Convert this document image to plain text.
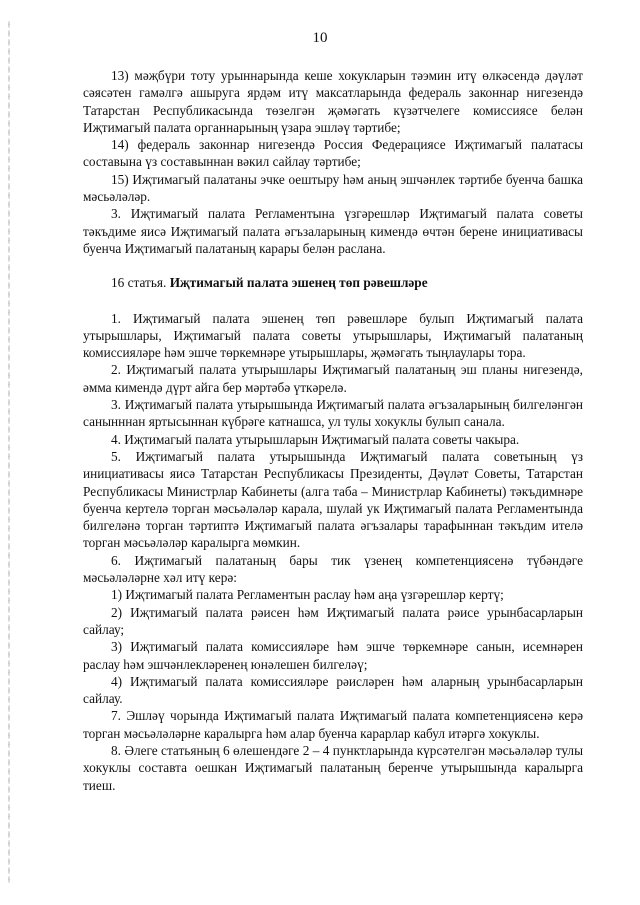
10

13) мәҗбүри тоту урыннарында кеше хокукларын тәэмин итү өлкәсендә дәүләт сәясәтен гамәлгә ашыруга ярдәм итү максатларында федераль законнар нигезендә Татарстан Республикасында төзелгән җәмәгать күзәтчелеге комиссиясе белән Иҗтимагый палата органнарының үзара эшләү тәртибе;

14) федераль законнар нигезендә Россия Федерациясе Иҗтимагый палатасы составына үз составыннан вәкил сайлау тәртибе;

15) Иҗтимагый палатаны эчке оештыру һәм аның эшчәнлек тәртибе буенча башка мәсьәләләр.

3. Иҗтимагый палата Регламентына үзгәрешләр Иҗтимагый палата советы тәкъдиме яисә Иҗтимагый палата әгъзаларының кимендә өчтән берене инициативасы буенча Иҗтимагый палатаның карары белән раслана.

16 статья. Иҗтимагый палата эшенең төп рәвешләре

1. Иҗтимагый палата эшенең төп рәвешләре булып Иҗтимагый палата утырышлары, Иҗтимагый палата советы утырышлары, Иҗтимагый палатаның комиссияләре һәм эшче төркемнәре утырышлары, җәмәгать тыңлаулары тора.

2. Иҗтимагый палата утырышлары Иҗтимагый палатаның эш планы нигезендә, әмма кимендә дүрт айга бер мәртәбә үткәрелә.

3. Иҗтимагый палата утырышында Иҗтимагый палата әгъзаларының билгеләнгән санынннан яртысыннан күбрәге катнашса, ул тулы хокуклы булып санала.

4. Иҗтимагый палата утырышларын Иҗтимагый палата советы чакыра.

5. Иҗтимагый палата утырышында Иҗтимагый палата советының үз инициативасы яисә Татарстан Республикасы Президенты, Дәүләт Советы, Татарстан Республикасы Министрлар Кабинеты (алга таба – Министрлар Кабинеты) тәкъдимнәре буенча кертелә торган мәсьәләләр карала, шулай ук Иҗтимагый палата Регламентында билгеләнә торган тәртиптә Иҗтимагый палата әгъзалары тарафыннан тәкъдим ителә торган мәсьәләләр каралырга мөмкин.

6. Иҗтимагый палатаның бары тик үзенең компетенциясенә түбәндәге мәсьәләләрне хәл итү керә:

1) Иҗтимагый палата Регламентын раслау һәм аңа үзгәрешләр кертү;

2) Иҗтимагый палата рәисен һәм Иҗтимагый палата рәисе урынбасарларын сайлау;

3) Иҗтимагый палата комиссияләре һәм эшче төркемнәре санын, исемнәрен раслау һәм эшчәнлекләренең юнәлешен билгеләү;

4) Иҗтимагый палата комиссияләре рәисләрен һәм аларның урынбасарларын сайлау.

7. Эшләү чорында Иҗтимагый палата Иҗтимагый палата компетенциясенә керә торган мәсьәләләрне каралырга һәм алар буенча карарлар кабул итәргә хокуклы.

8. Әлеге статьяның 6 өлешендәге 2 – 4 пунктларында күрсәтелгән мәсьәләләр тулы хокуклы составта оешкан Иҗтимагый палатаның беренче утырышында каралырга тиеш.
